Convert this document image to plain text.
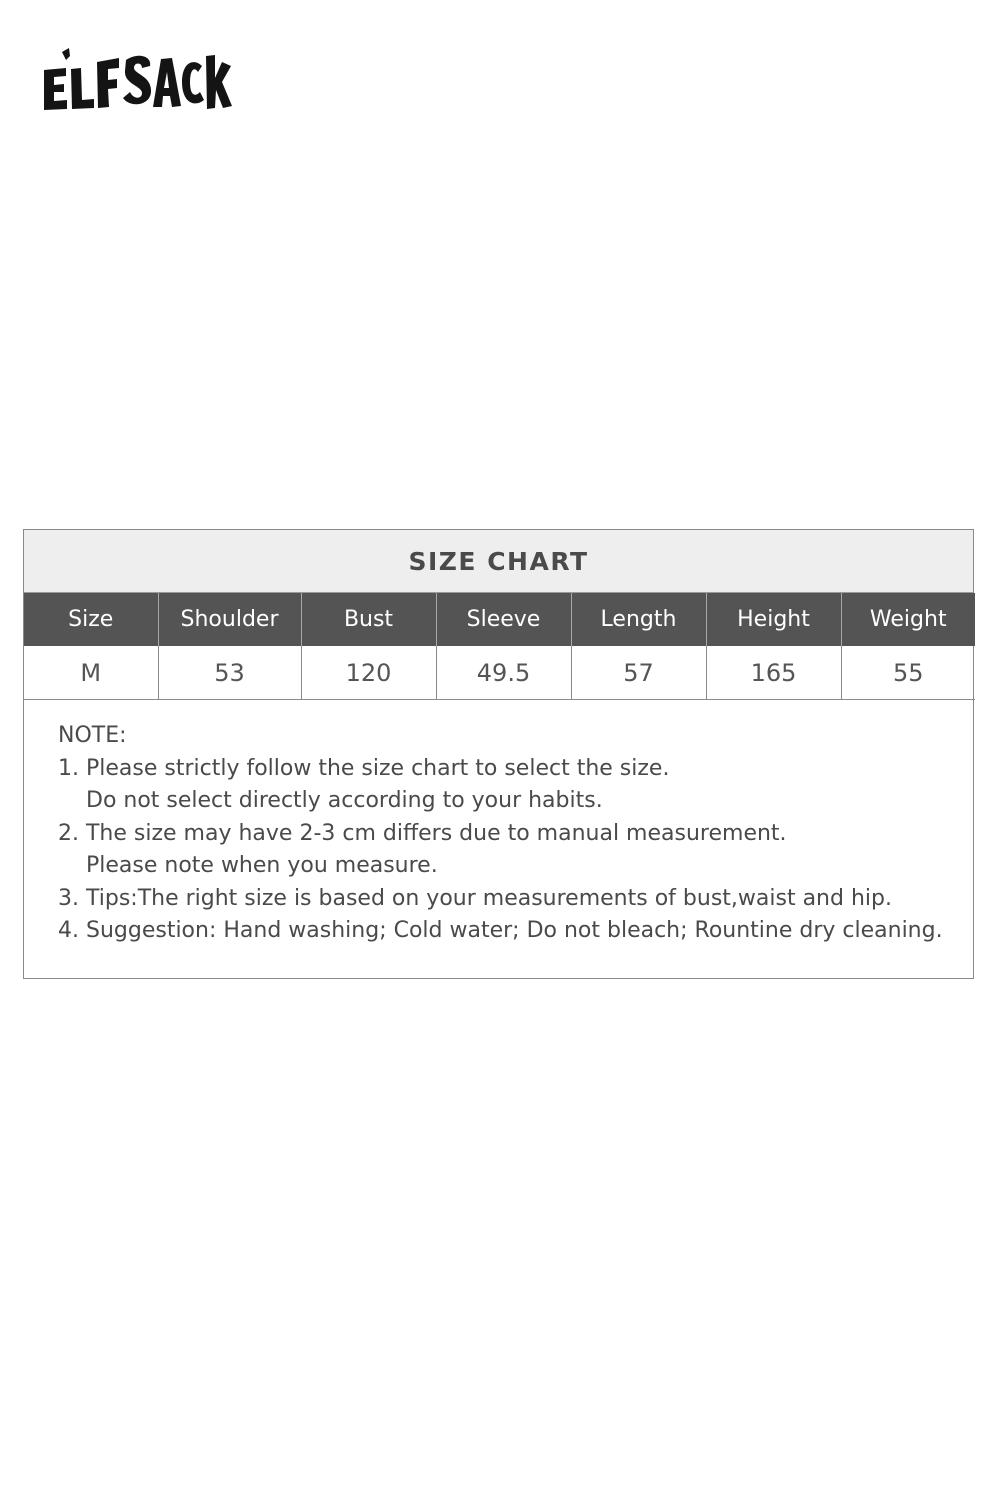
SIZE CHART
Size	Shoulder	Bust	Sleeve	Length	Height	Weight
M	53	120	49.5	57	165	55
NOTE:
1. Please strictly follow the size chart to select the size.
Do not select directly according to your habits.
2. The size may have 2-3 cm differs due to manual measurement.
Please note when you measure.
3. Tips:The right size is based on your measurements of bust,waist and hip.
4. Suggestion: Hand washing; Cold water; Do not bleach; Rountine dry cleaning.
